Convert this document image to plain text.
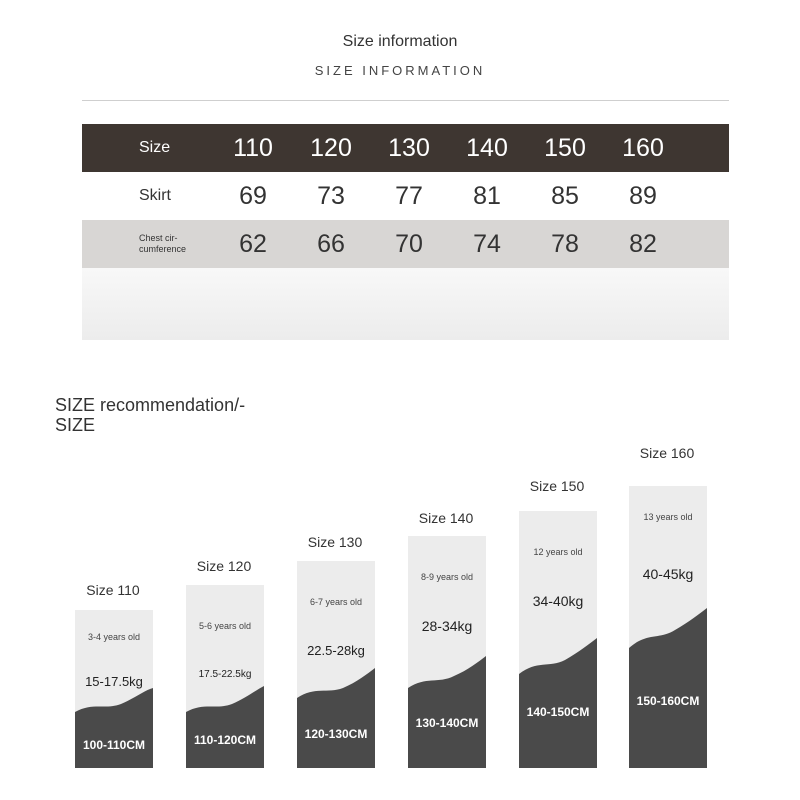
Size information
SIZE INFORMATION
Size	110	120	130	140	150	160
Skirt	69	73	77	81	85	89
Chest cir-
cumference	62	66	70	74	78	82
SIZE recommendation/-
SIZE
Size 110
3-4 years old
15-17.5kg
100-110CM
Size 120
5-6 years old
17.5-22.5kg
110-120CM
Size 130
6-7 years old
22.5-28kg
120-130CM
Size 140
8-9 years old
28-34kg
130-140CM
Size 150
12 years old
34-40kg
140-150CM
Size 160
13 years old
40-45kg
150-160CM
